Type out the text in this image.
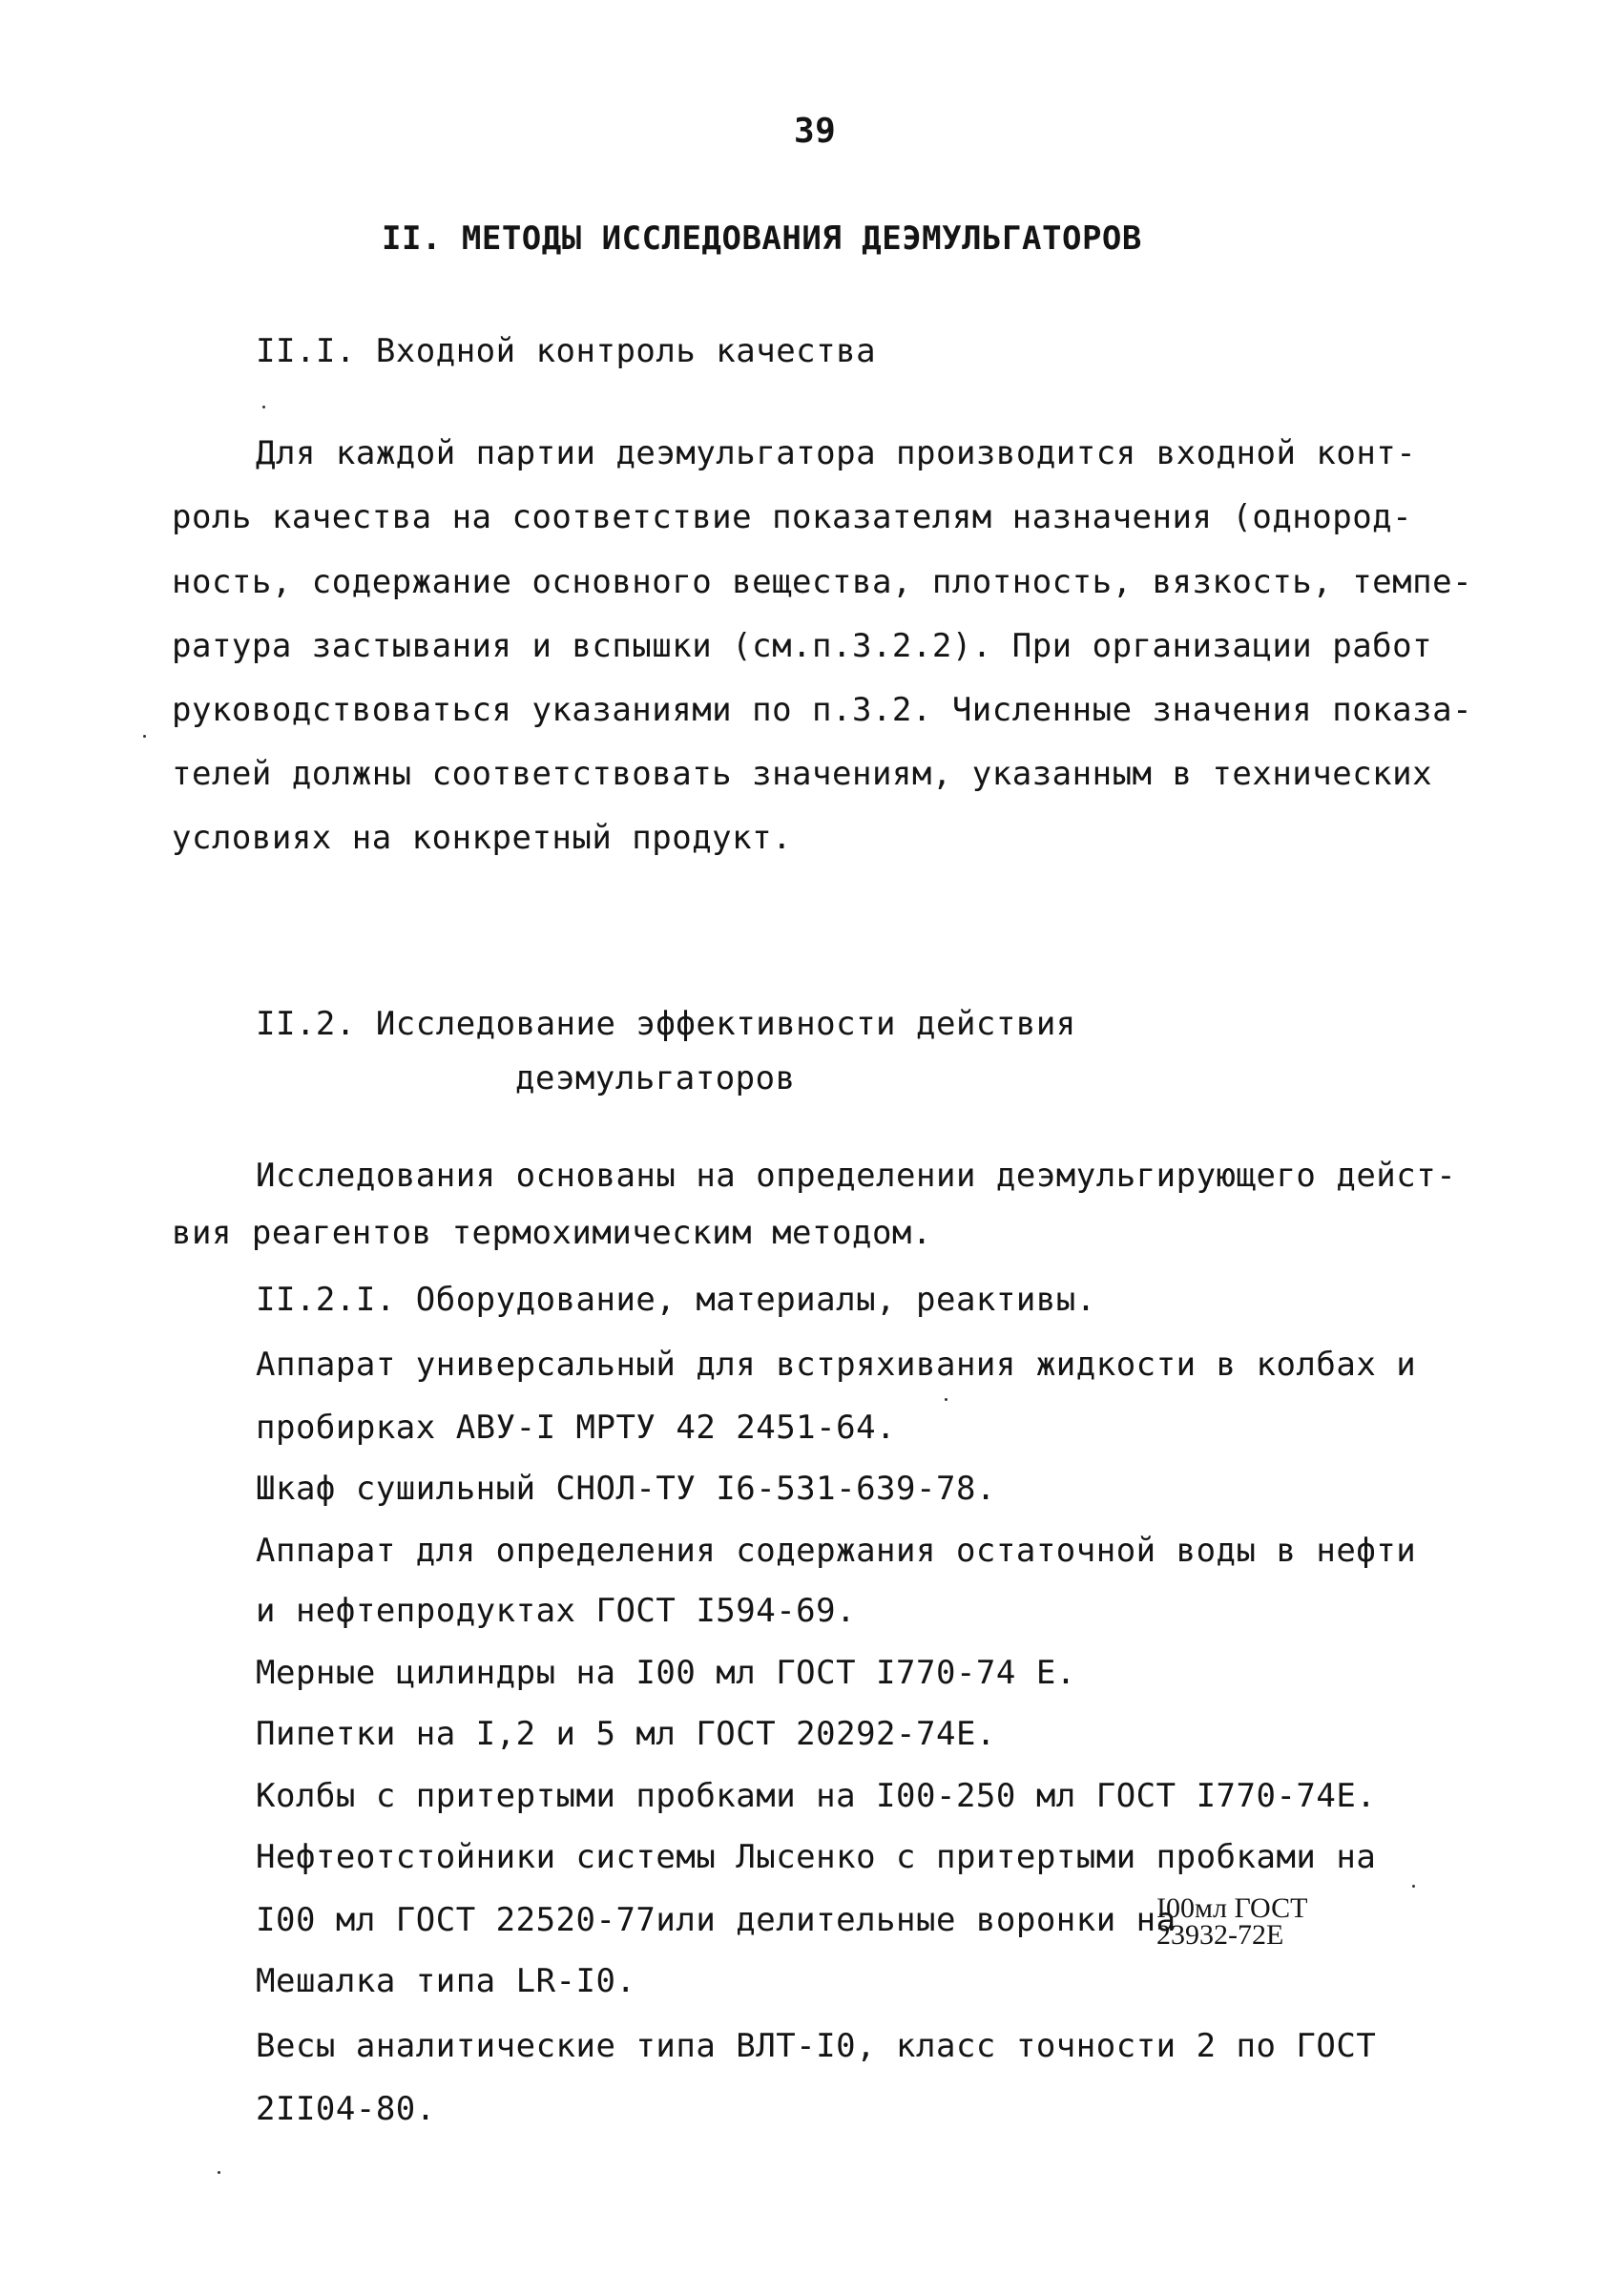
39
II. МЕТОДЫ ИССЛЕДОВАНИЯ ДЕЭМУЛЬГАТОРОВ
II.I. Входной контроль качества
Для каждой партии деэмульгатора производится входной конт-
роль качества на соответствие показателям назначения (однород-
ность, содержание основного вещества, плотность, вязкость, темпе-
ратура застывания и вспышки (см.п.3.2.2). При организации работ
руководствоваться указаниями по п.3.2. Численные значения показа-
телей должны соответствовать значениям, указанным в технических
условиях на конкретный продукт.
II.2. Исследование эффективности действия
деэмульгаторов
Исследования основаны на определении деэмульгирующего дейст-
вия реагентов термохимическим методом.
II.2.I. Оборудование, материалы, реактивы.
Аппарат универсальный для встряхивания жидкости в колбах и
пробирках АВУ-I МРТУ 42 2451-64.
Шкаф сушильный СНОЛ-ТУ I6-531-639-78.
Аппарат для определения содержания остаточной воды в нефти
и нефтепродуктах ГОСТ I594-69.
Мерные цилиндры на I00 мл ГОСТ I770-74 Е.
Пипетки на I,2 и 5 мл ГОСТ 20292-74Е.
Колбы с притертыми пробками на I00-250 мл ГОСТ I770-74Е.
Нефтеотстойники системы Лысенко с притертыми пробками на
I00 мл ГОСТ 22520-77или делительные воронки на
I00мл ГОСТ
23932-72Е
Мешалка типа LR-I0.
Весы аналитические типа ВЛТ-I0, класс точности 2 по ГОСТ
2II04-80.
